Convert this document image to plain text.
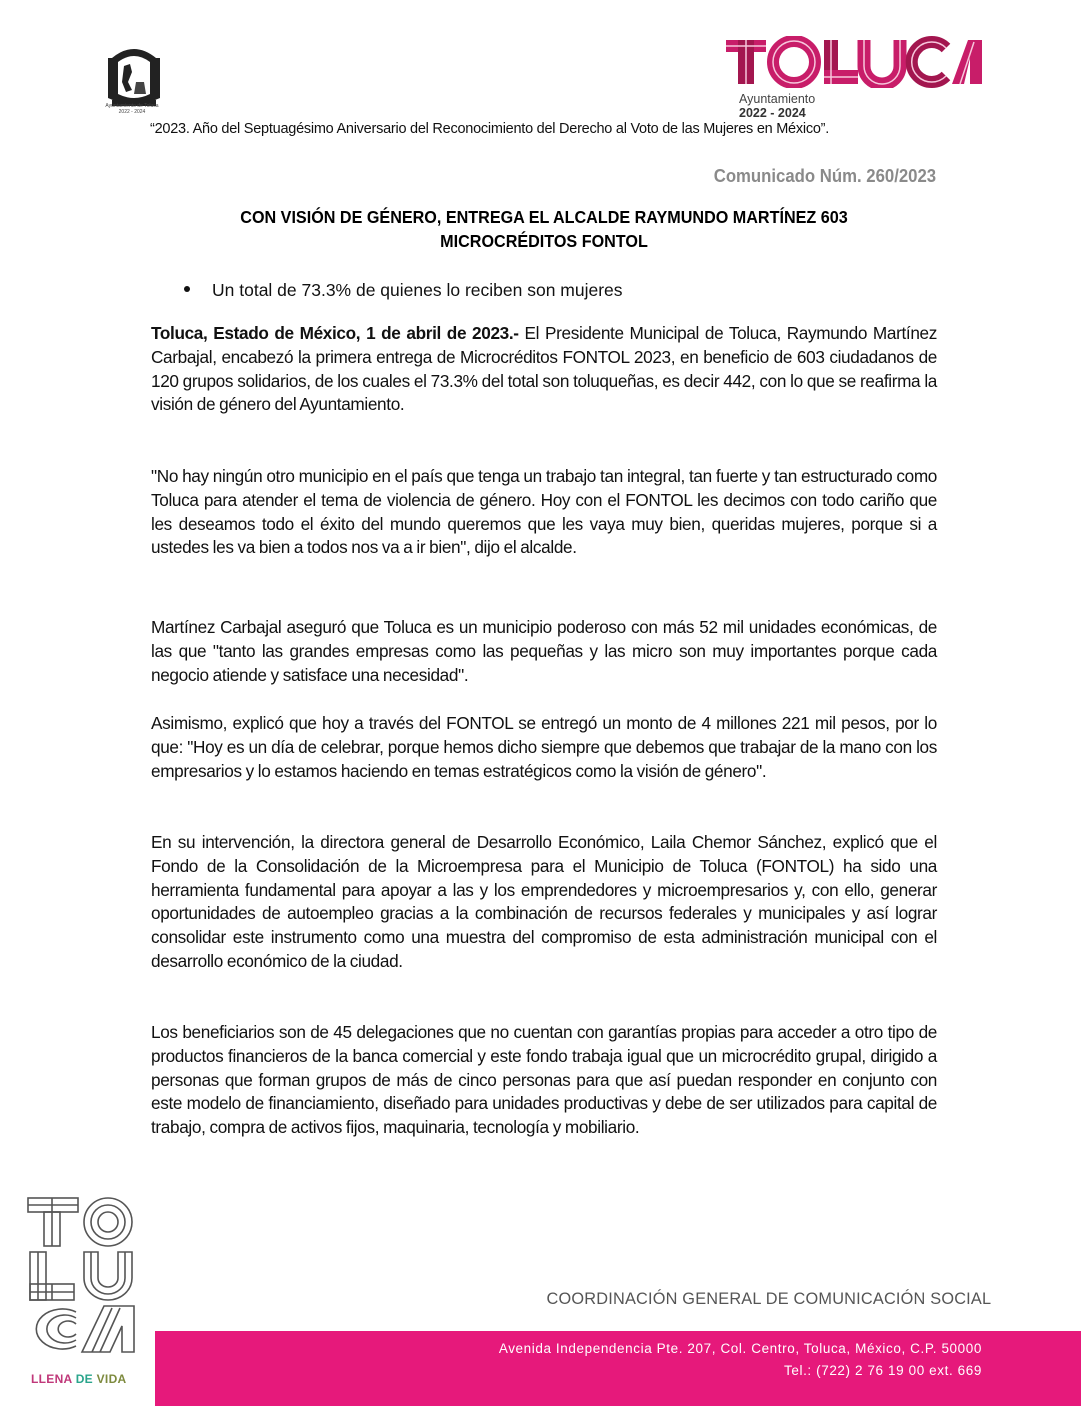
Ayuntamiento de Toluca
2022 - 2024
Ayuntamiento
2022 - 2024
“2023. Año del Septuagésimo Aniversario del Reconocimiento del Derecho al Voto de las Mujeres en México”.
Comunicado Núm. 260/2023
CON VISIÓN DE GÉNERO, ENTREGA EL ALCALDE RAYMUNDO MARTÍNEZ 603
MICROCRÉDITOS FONTOL
Un total de 73.3% de quienes lo reciben son mujeres
Toluca, Estado de México, 1 de abril de 2023.- El Presidente Municipal de Toluca, Raymundo Martínez Carbajal, encabezó la primera entrega de Microcréditos FONTOL 2023, en beneficio de 603 ciudadanos de 120 grupos solidarios, de los cuales el 73.3% del total son toluqueñas, es decir 442, con lo que se reafirma la visión de género del Ayuntamiento.
"No hay ningún otro municipio en el país que tenga un trabajo tan integral, tan fuerte y tan estructurado como Toluca para atender el tema de violencia de género. Hoy con el FONTOL les decimos con todo cariño que les deseamos todo el éxito del mundo queremos que les vaya muy bien, queridas mujeres, porque si a ustedes les va bien a todos nos va a ir bien", dijo el alcalde.
Martínez Carbajal aseguró que Toluca es un municipio poderoso con más 52 mil unidades económicas, de las que "tanto las grandes empresas como las pequeñas y las micro son muy importantes porque cada negocio atiende y satisface una necesidad".
Asimismo, explicó que hoy a través del FONTOL se entregó un monto de 4 millones 221 mil pesos, por lo que: "Hoy es un día de celebrar, porque hemos dicho siempre que debemos que trabajar de la mano con los empresarios y lo estamos haciendo en temas estratégicos como la visión de género".
En su intervención, la directora general de Desarrollo Económico, Laila Chemor Sánchez, explicó que el Fondo de la Consolidación de la Microempresa para el Municipio de Toluca (FONTOL) ha sido una herramienta fundamental para apoyar a las y los emprendedores y microempresarios y, con ello, generar oportunidades de autoempleo gracias a la combinación de recursos federales y municipales y así lograr consolidar este instrumento como una muestra del compromiso de esta administración municipal con el desarrollo económico de la ciudad.
Los beneficiarios son de 45 delegaciones que no cuentan con garantías propias para acceder a otro tipo de productos financieros de la banca comercial y este fondo trabaja igual que un microcrédito grupal, dirigido a personas que forman grupos de más de cinco personas para que así puedan responder en conjunto con este modelo de financiamiento, diseñado para unidades productivas y debe de ser utilizados para capital de trabajo, compra de activos fijos, maquinaria, tecnología y mobiliario.
LLENA DE VIDA
COORDINACIÓN GENERAL DE COMUNICACIÓN SOCIAL
Avenida Independencia Pte. 207, Col. Centro, Toluca, México, C.P. 50000
Tel.: (722) 2 76 19 00 ext. 669
